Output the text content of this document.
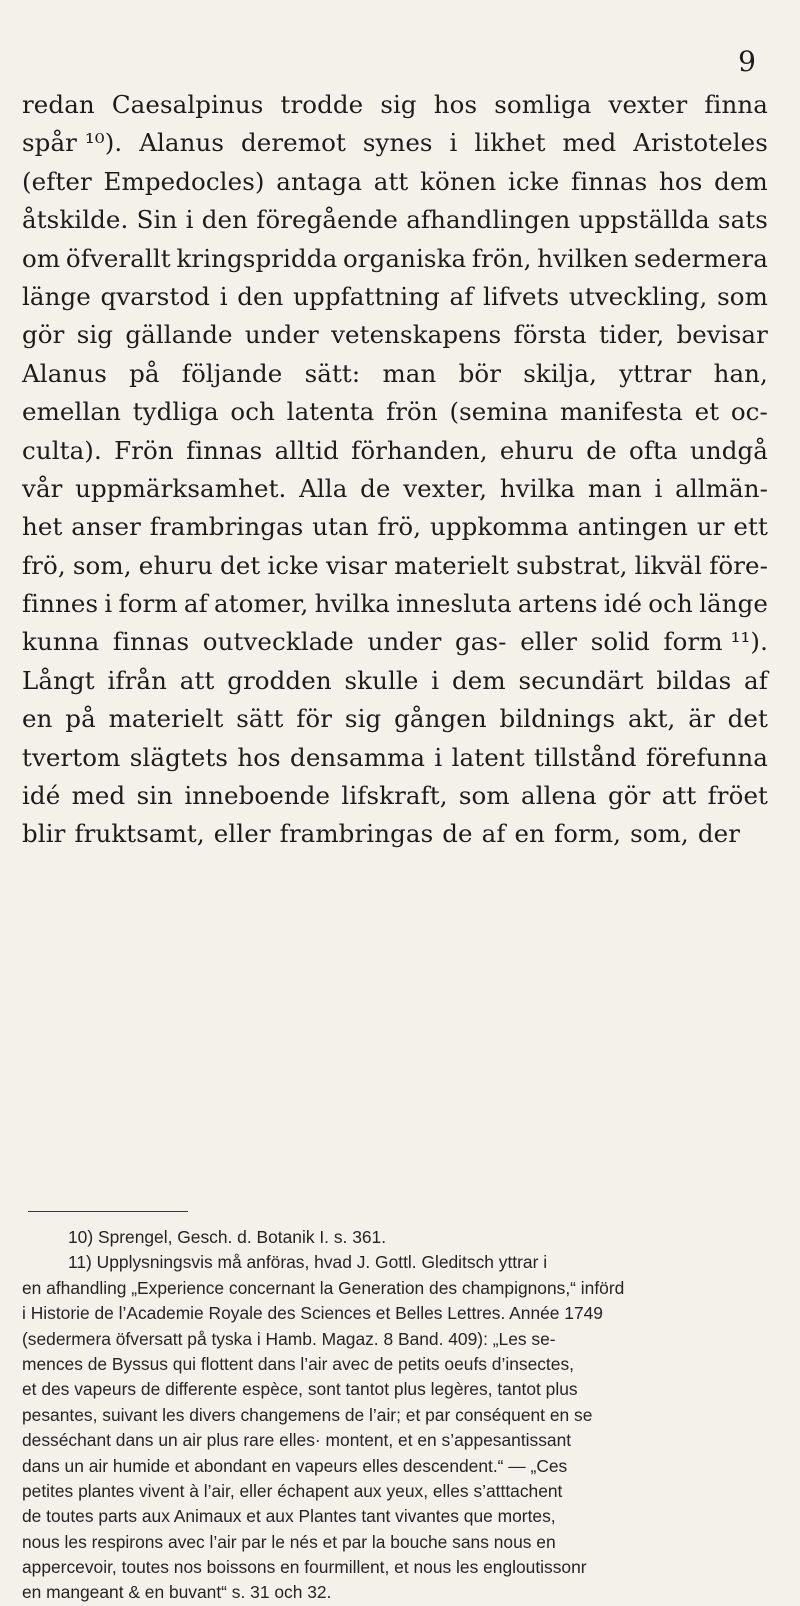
9
redan Caesalpinus trodde sig hos somliga vexter finna
spår ¹⁰). Alanus deremot synes i likhet med Aristoteles
(efter Empedocles) antaga att könen icke finnas hos dem
åtskilde. Sin i den föregående afhandlingen uppställda sats
om öfverallt kringspridda organiska frön, hvilken sedermera
länge qvarstod i den uppfattning af lifvets utveckling, som
gör sig gällande under vetenskapens första tider, bevisar
Alanus på följande sätt: man bör skilja, yttrar han,
emellan tydliga och latenta frön (semina manifesta et oc-
culta). Frön finnas alltid förhanden, ehuru de ofta undgå
vår uppmärksamhet. Alla de vexter, hvilka man i allmän-
het anser frambringas utan frö, uppkomma antingen ur ett
frö, som, ehuru det icke visar materielt substrat, likväl före-
finnes i form af atomer, hvilka innesluta artens idé och länge
kunna finnas outvecklade under gas- eller solid form ¹¹).
Långt ifrån att grodden skulle i dem secundärt bildas af
en på materielt sätt för sig gången bildnings akt, är det
tvertom slägtets hos densamma i latent tillstånd förefunna
idé med sin inneboende lifskraft, som allena gör att fröet
blir fruktsamt, eller frambringas de af en form, som, der
10) Sprengel, Gesch. d. Botanik I. s. 361.
11) Upplysningsvis må anföras, hvad J. Gottl. Gleditsch yttrar i
en afhandling „Experience concernant la Generation des champignons,“ införd
i Historie de l’Academie Royale des Sciences et Belles Lettres. Année 1749
(sedermera öfversatt på tyska i Hamb. Magaz. 8 Band. 409): „Les se-
mences de Byssus qui flottent dans l’air avec de petits oeufs d’insectes,
et des vapeurs de differente espèce, sont tantot plus legères, tantot plus
pesantes, suivant les divers changemens de l’air; et par conséquent en se
desséchant dans un air plus rare elles· montent, et en s’appesantissant
dans un air humide et abondant en vapeurs elles descendent.“ — „Ces
petites plantes vivent à l’air, eller échapent aux yeux, elles s’atttachent
de toutes parts aux Animaux et aux Plantes tant vivantes que mortes,
nous les respirons avec l’air par le nés et par la bouche sans nous en
appercevoir, toutes nos boissons en fourmillent, et nous les engloutissonr
en mangeant & en buvant“ s. 31 och 32.
